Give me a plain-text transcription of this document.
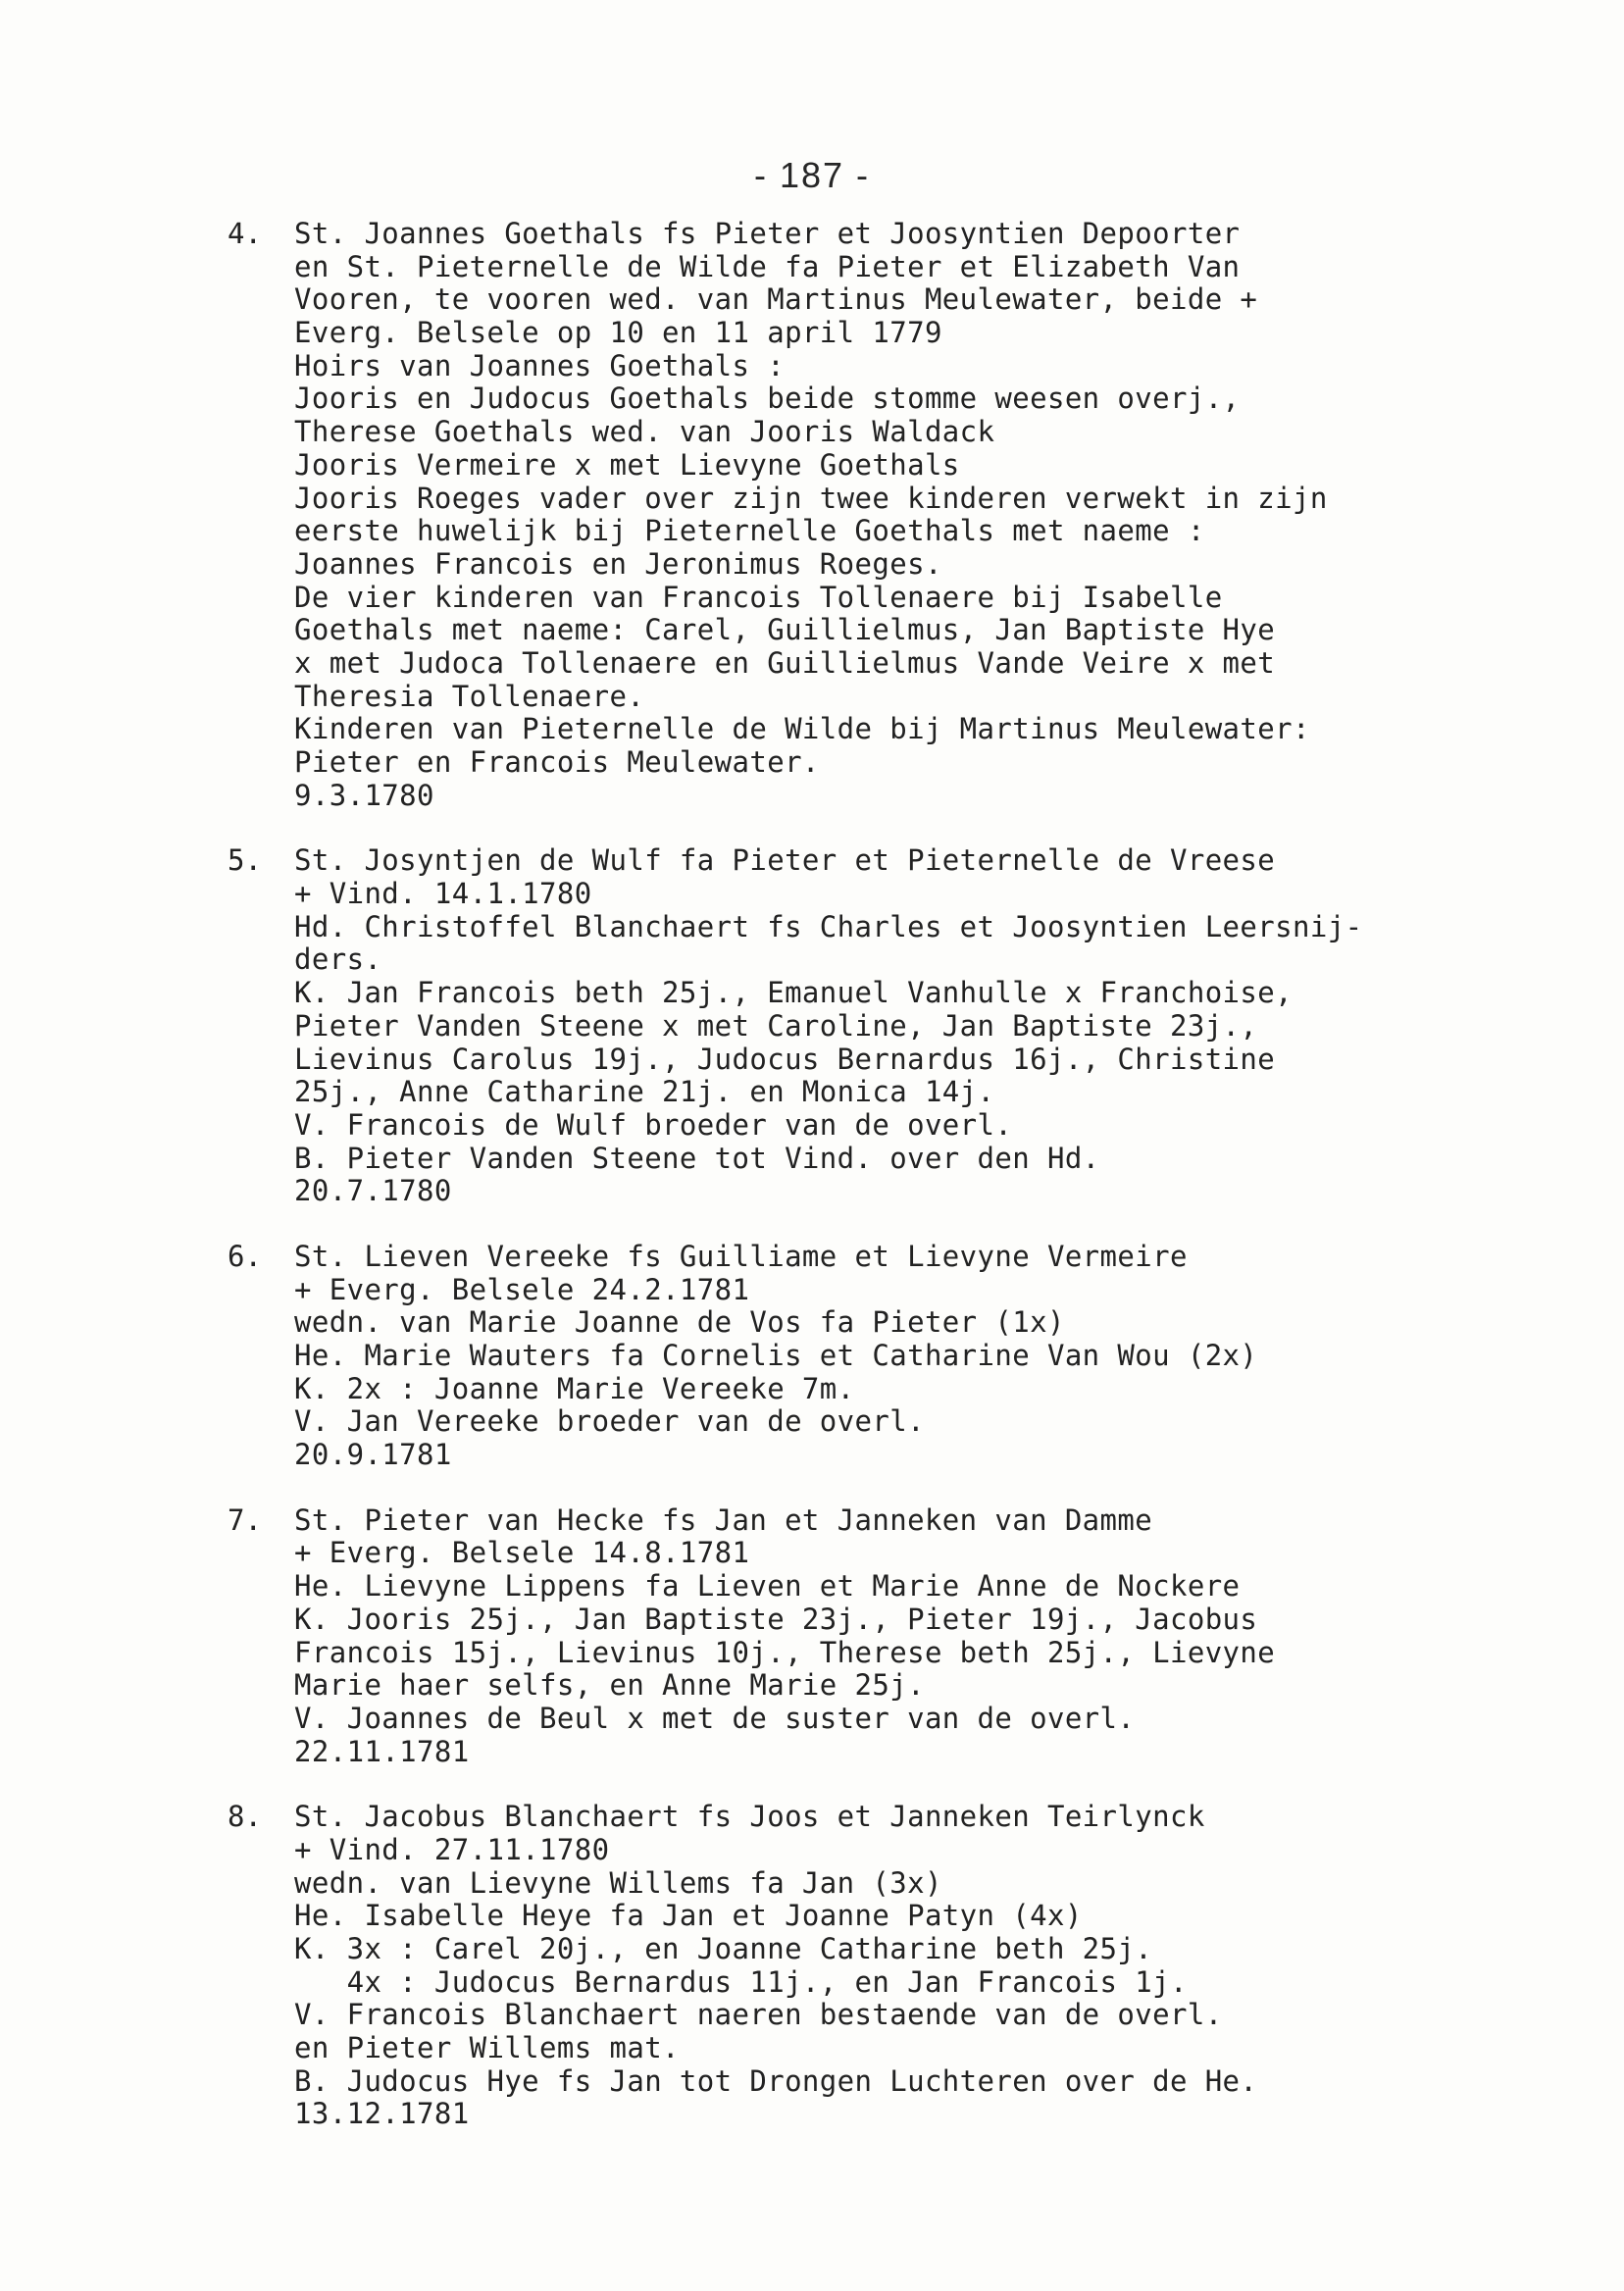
- 187 -
4. St. Joannes Goethals fs Pieter et Joosyntien Depoorter
en St. Pieternelle de Wilde fa Pieter et Elizabeth Van
Vooren, te vooren wed. van Martinus Meulewater, beide +
Everg. Belsele op 10 en 11 april 1779
Hoirs van Joannes Goethals :
Jooris en Judocus Goethals beide stomme weesen overj.,
Therese Goethals wed. van Jooris Waldack
Jooris Vermeire x met Lievyne Goethals
Jooris Roeges vader over zijn twee kinderen verwekt in zijn
eerste huwelijk bij Pieternelle Goethals met naeme :
Joannes Francois en Jeronimus Roeges.
De vier kinderen van Francois Tollenaere bij Isabelle
Goethals met naeme: Carel, Guillielmus, Jan Baptiste Hye
x met Judoca Tollenaere en Guillielmus Vande Veire x met
Theresia Tollenaere.
Kinderen van Pieternelle de Wilde bij Martinus Meulewater:
Pieter en Francois Meulewater.
9.3.1780
5. St. Josyntjen de Wulf fa Pieter et Pieternelle de Vreese
+ Vind. 14.1.1780
Hd. Christoffel Blanchaert fs Charles et Joosyntien Leersnij-
ders.
K. Jan Francois beth 25j., Emanuel Vanhulle x Franchoise,
Pieter Vanden Steene x met Caroline, Jan Baptiste 23j.,
Lievinus Carolus 19j., Judocus Bernardus 16j., Christine
25j., Anne Catharine 21j. en Monica 14j.
V. Francois de Wulf broeder van de overl.
B. Pieter Vanden Steene tot Vind. over den Hd.
20.7.1780
6. St. Lieven Vereeke fs Guilliame et Lievyne Vermeire
+ Everg. Belsele 24.2.1781
wedn. van Marie Joanne de Vos fa Pieter (1x)
He. Marie Wauters fa Cornelis et Catharine Van Wou (2x)
K. 2x : Joanne Marie Vereeke 7m.
V. Jan Vereeke broeder van de overl.
20.9.1781
7. St. Pieter van Hecke fs Jan et Janneken van Damme
+ Everg. Belsele 14.8.1781
He. Lievyne Lippens fa Lieven et Marie Anne de Nockere
K. Jooris 25j., Jan Baptiste 23j., Pieter 19j., Jacobus
Francois 15j., Lievinus 10j., Therese beth 25j., Lievyne
Marie haer selfs, en Anne Marie 25j.
V. Joannes de Beul x met de suster van de overl.
22.11.1781
8. St. Jacobus Blanchaert fs Joos et Janneken Teirlynck
+ Vind. 27.11.1780
wedn. van Lievyne Willems fa Jan (3x)
He. Isabelle Heye fa Jan et Joanne Patyn (4x)
K. 3x : Carel 20j., en Joanne Catharine beth 25j.
4x : Judocus Bernardus 11j., en Jan Francois 1j.
V. Francois Blanchaert naeren bestaende van de overl.
en Pieter Willems mat.
B. Judocus Hye fs Jan tot Drongen Luchteren over de He.
13.12.1781
